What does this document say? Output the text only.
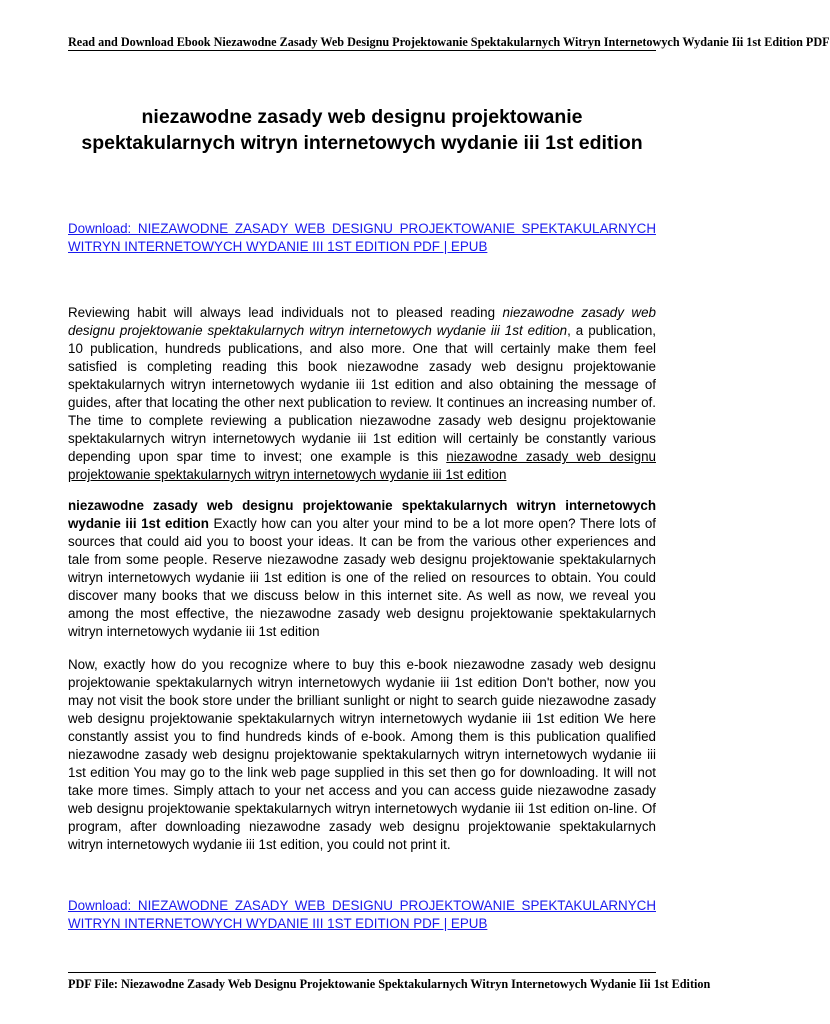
Read and Download Ebook Niezawodne Zasady Web Designu Projektowanie Spektakularnych Witryn Internetowych Wydanie Iii 1st Edition PDF
niezawodne zasady web designu projektowanie spektakularnych witryn internetowych wydanie iii 1st edition
Download: NIEZAWODNE ZASADY WEB DESIGNU PROJEKTOWANIE SPEKTAKULARNYCH WITRYN INTERNETOWYCH WYDANIE III 1ST EDITION PDF | EPUB

Reviewing habit will always lead individuals not to pleased reading niezawodne zasady web designu projektowanie spektakularnych witryn internetowych wydanie iii 1st edition, a publication, 10 publication, hundreds publications, and also more. One that will certainly make them feel satisfied is completing reading this book niezawodne zasady web designu projektowanie spektakularnych witryn internetowych wydanie iii 1st edition and also obtaining the message of guides, after that locating the other next publication to review. It continues an increasing number of. The time to complete reviewing a publication niezawodne zasady web designu projektowanie spektakularnych witryn internetowych wydanie iii 1st edition will certainly be constantly various depending upon spar time to invest; one example is this niezawodne zasady web designu projektowanie spektakularnych witryn internetowych wydanie iii 1st edition

niezawodne zasady web designu projektowanie spektakularnych witryn internetowych wydanie iii 1st edition Exactly how can you alter your mind to be a lot more open? There lots of sources that could aid you to boost your ideas. It can be from the various other experiences and tale from some people. Reserve niezawodne zasady web designu projektowanie spektakularnych witryn internetowych wydanie iii 1st edition is one of the relied on resources to obtain. You could discover many books that we discuss below in this internet site. As well as now, we reveal you among the most effective, the niezawodne zasady web designu projektowanie spektakularnych witryn internetowych wydanie iii 1st edition

Now, exactly how do you recognize where to buy this e-book niezawodne zasady web designu projektowanie spektakularnych witryn internetowych wydanie iii 1st edition Don't bother, now you may not visit the book store under the brilliant sunlight or night to search guide niezawodne zasady web designu projektowanie spektakularnych witryn internetowych wydanie iii 1st edition We here constantly assist you to find hundreds kinds of e-book. Among them is this publication qualified niezawodne zasady web designu projektowanie spektakularnych witryn internetowych wydanie iii 1st edition You may go to the link web page supplied in this set then go for downloading. It will not take more times. Simply attach to your net access and you can access guide niezawodne zasady web designu projektowanie spektakularnych witryn internetowych wydanie iii 1st edition on-line. Of program, after downloading niezawodne zasady web designu projektowanie spektakularnych witryn internetowych wydanie iii 1st edition, you could not print it.

Download: NIEZAWODNE ZASADY WEB DESIGNU PROJEKTOWANIE SPEKTAKULARNYCH WITRYN INTERNETOWYCH WYDANIE III 1ST EDITION PDF | EPUB
PDF File: Niezawodne Zasady Web Designu Projektowanie Spektakularnych Witryn Internetowych Wydanie Iii 1st Edition
